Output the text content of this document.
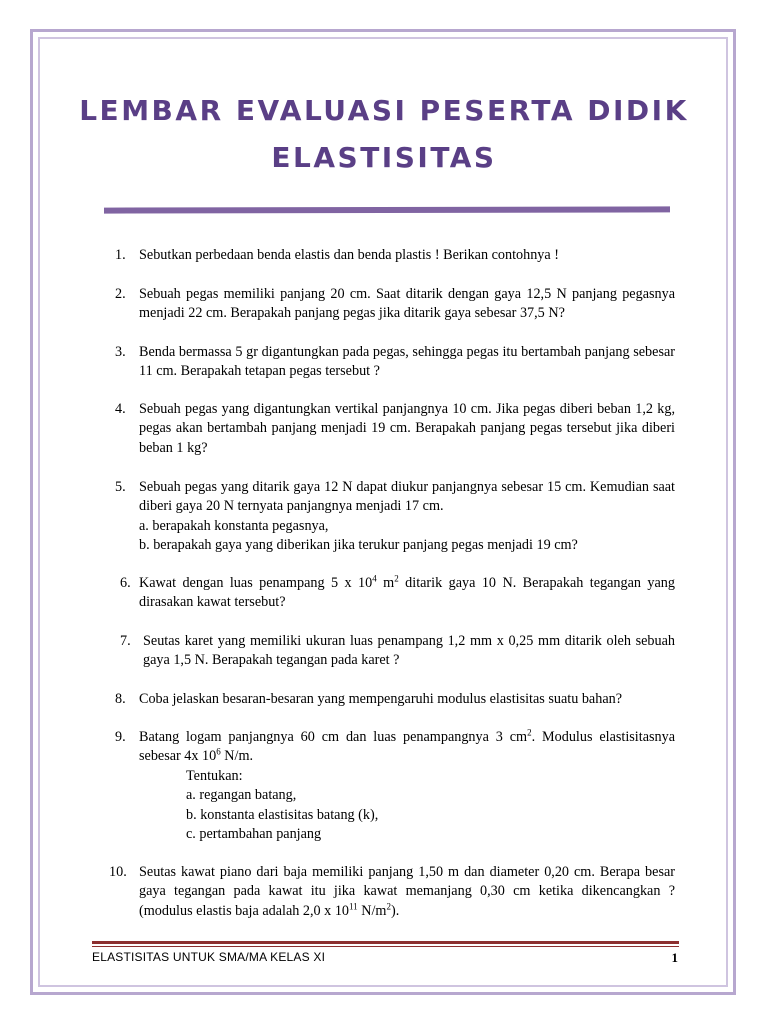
LEMBAR EVALUASI PESERTA DIDIK
ELASTISITAS
1. Sebutkan perbedaan benda elastis dan benda plastis ! Berikan contohnya !

2. Sebuah pegas memiliki panjang 20 cm. Saat ditarik dengan gaya 12,5 N panjang pegasnya menjadi 22 cm. Berapakah panjang pegas jika ditarik gaya sebesar 37,5 N?

3. Benda bermassa 5 gr digantungkan pada pegas, sehingga pegas itu bertambah panjang sebesar 11 cm. Berapakah tetapan pegas tersebut ?

4. Sebuah pegas yang digantungkan vertikal panjangnya 10 cm. Jika pegas diberi beban 1,2 kg, pegas akan bertambah panjang menjadi 19 cm. Berapakah panjang pegas tersebut jika diberi beban 1 kg?

5. Sebuah pegas yang ditarik gaya 12 N dapat diukur panjangnya sebesar 15 cm. Kemudian saat diberi gaya 20 N ternyata panjangnya menjadi 17 cm.

a. berapakah konstanta pegasnya,

b. berapakah gaya yang diberikan jika terukur panjang pegas menjadi 19 cm?

6. Kawat dengan luas penampang 5 x $10^4$ $m^2$ ditarik gaya 10 N. Berapakah tegangan yang dirasakan kawat tersebut?

7. Seutas karet yang memiliki ukuran luas penampang 1,2 mm x 0,25 mm ditarik oleh sebuah gaya 1,5 N. Berapakah tegangan pada karet ?

8. Coba jelaskan besaran-besaran yang mempengaruhi modulus elastisitas suatu bahan?

9. Batang logam panjangnya 60 cm dan luas penampangnya 3 $cm^2$. Modulus elastisitasnya sebesar 4x $10^6$ N/m.

Tentukan:

a. regangan batang,

b. konstanta elastisitas batang (k),

c. pertambahan panjang

10. Seutas kawat piano dari baja memiliki panjang 1,50 m dan diameter 0,20 cm. Berapa besar gaya tegangan pada kawat itu jika kawat memanjang 0,30 cm ketika dikencangkan ? (modulus elastis baja adalah 2,0 x $10^{11}$ $N/m^2$).

ELASTISITAS UNTUK SMA/MA KELAS XI	1
